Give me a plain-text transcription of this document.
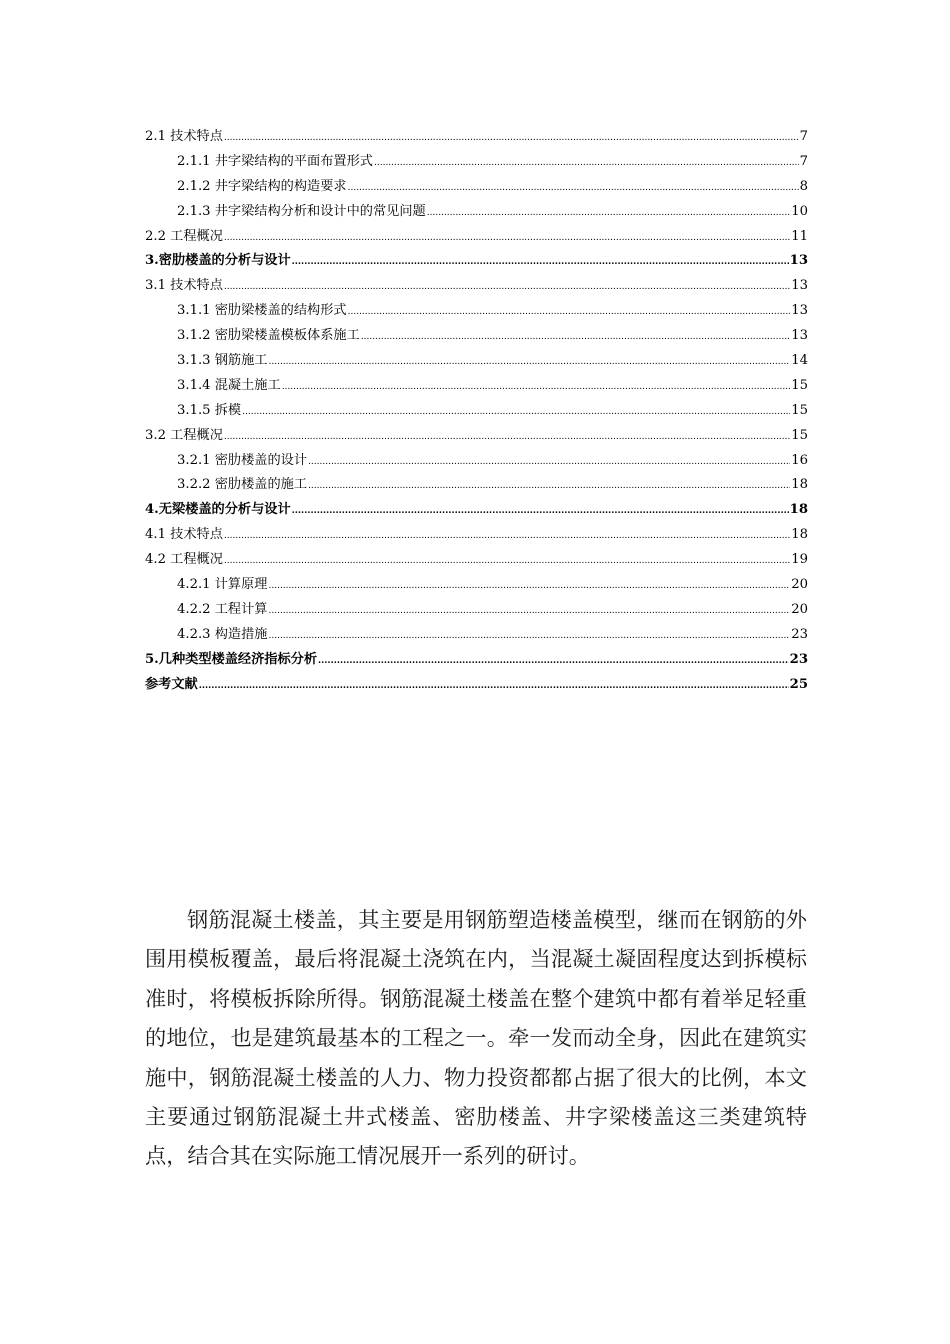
2.1 技术特点 .....	7
2.1.1 井字梁结构的平面布置形式 .....	7
2.1.2 井字梁结构的构造要求 .....	8
2.1.3 井字梁结构分析和设计中的常见问题 .....	10
2.2 工程概况 .....	11
3.密肋楼盖的分析与设计 .....	13
3.1 技术特点 .....	13
3.1.1 密肋梁楼盖的结构形式 .....	13
3.1.2 密肋梁楼盖模板体系施工 .....	13
3.1.3 钢筋施工 .....	14
3.1.4 混凝土施工 .....	15
3.1.5 拆模 .....	15
3.2 工程概况 .....	15
3.2.1 密肋楼盖的设计 .....	16
3.2.2 密肋楼盖的施工 .....	18
4.无梁楼盖的分析与设计 .....	18
4.1 技术特点 .....	18
4.2 工程概况 .....	19
4.2.1 计算原理 .....	20
4.2.2 工程计算 .....	20
4.2.3 构造措施 .....	23
5.几种类型楼盖经济指标分析 .....	23
参考文献 .....	25

钢筋混凝土楼盖，其主要是用钢筋塑造楼盖模型，继而在钢筋的外围用模板覆盖，最后将混凝土浇筑在内，当混凝土凝固程度达到拆模标准时，将模板拆除所得。钢筋混凝土楼盖在整个建筑中都有着举足轻重的地位，也是建筑最基本的工程之一。牵一发而动全身，因此在建筑实施中，钢筋混凝土楼盖的人力、物力投资都都占据了很大的比例，本文主要通过钢筋混凝土井式楼盖、密肋楼盖、井字梁楼盖这三类建筑特点，结合其在实际施工情况展开一系列的研讨。
